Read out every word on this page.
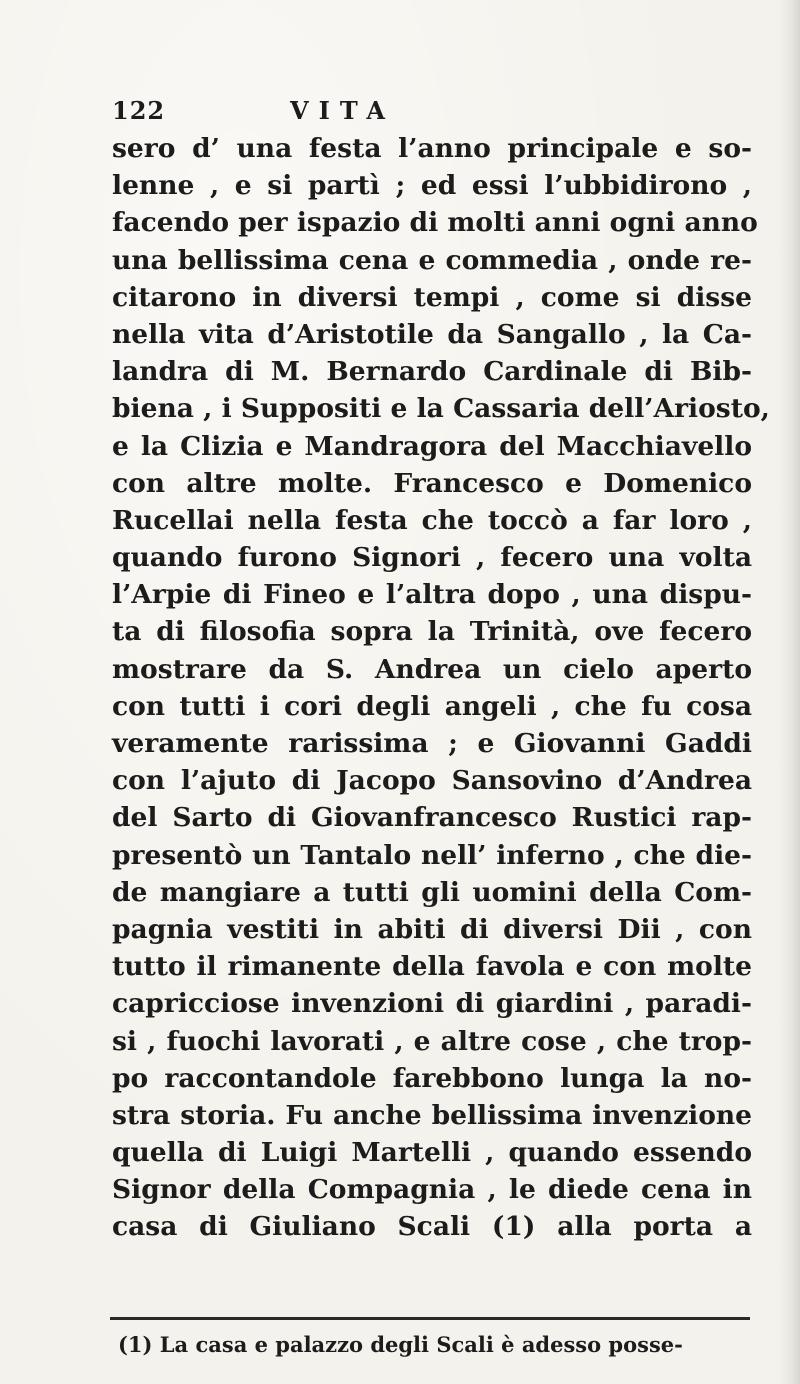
122	VITA
sero d’ una festa l’anno principale e so-
lenne , e si partì ; ed essi l’ubbidirono ,
facendo per ispazio di molti anni ogni anno
una bellissima cena e commedia , onde re-
citarono in diversi tempi , come si disse
nella vita d’Aristotile da Sangallo , la Ca-
landra di M. Bernardo Cardinale di Bib-
biena , i Suppositi e la Cassaria dell’Ariosto,
e la Clizia e Mandragora del Macchiavello
con altre molte. Francesco e Domenico
Rucellai nella festa che toccò a far loro ,
quando furono Signori , fecero una volta
l’Arpie di Fineo e l’altra dopo , una dispu-
ta di filosofia sopra la Trinità, ove fecero
mostrare da S. Andrea un cielo aperto
con tutti i cori degli angeli , che fu cosa
veramente rarissima ; e Giovanni Gaddi
con l’ajuto di Jacopo Sansovino d’Andrea
del Sarto di Giovanfrancesco Rustici rap-
presentò un Tantalo nell’ inferno , che die-
de mangiare a tutti gli uomini della Com-
pagnia vestiti in abiti di diversi Dii , con
tutto il rimanente della favola e con molte
capricciose invenzioni di giardini , paradi-
si , fuochi lavorati , e altre cose , che trop-
po raccontandole farebbono lunga la no-
stra storia. Fu anche bellissima invenzione
quella di Luigi Martelli , quando essendo
Signor della Compagnia , le diede cena in
casa di Giuliano Scali (1) alla porta a
(1) La casa e palazzo degli Scali è adesso posse-
